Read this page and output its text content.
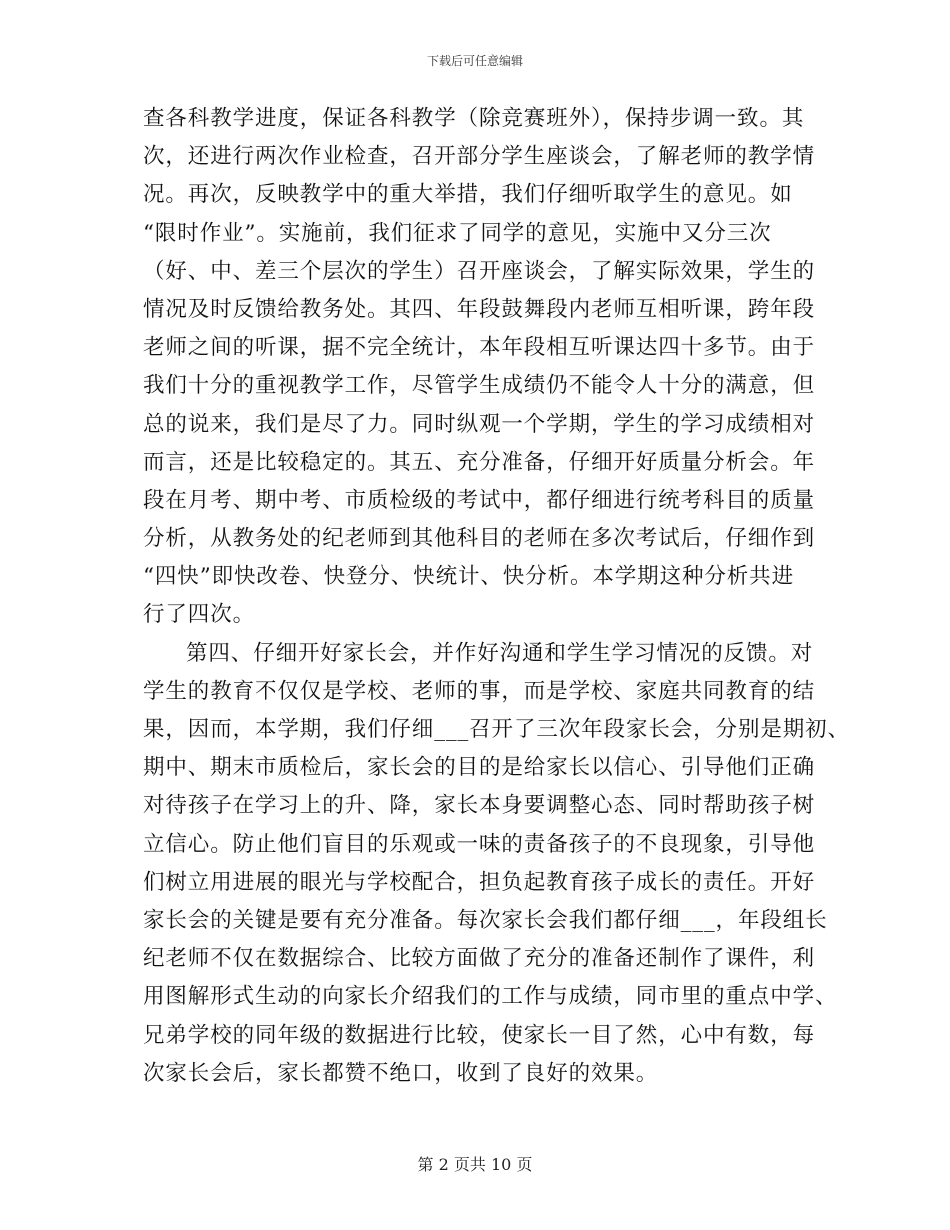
下载后可任意编辑
查各科教学进度，保证各科教学（除竞赛班外），保持步调一致。其
次，还进行两次作业检查，召开部分学生座谈会，了解老师的教学情
况。再次，反映教学中的重大举措，我们仔细听取学生的意见。如
“限时作业”。实施前，我们征求了同学的意见，实施中又分三次
（好、中、差三个层次的学生）召开座谈会，了解实际效果，学生的
情况及时反馈给教务处。其四、年段鼓舞段内老师互相听课，跨年段
老师之间的听课，据不完全统计，本年段相互听课达四十多节。由于
我们十分的重视教学工作，尽管学生成绩仍不能令人十分的满意，但
总的说来，我们是尽了力。同时纵观一个学期，学生的学习成绩相对
而言，还是比较稳定的。其五、充分准备，仔细开好质量分析会。年
段在月考、期中考、市质检级的考试中，都仔细进行统考科目的质量
分析，从教务处的纪老师到其他科目的老师在多次考试后，仔细作到
“四快”即快改卷、快登分、快统计、快分析。本学期这种分析共进
行了四次。
第四、仔细开好家长会，并作好沟通和学生学习情况的反馈。对
学生的教育不仅仅是学校、老师的事，而是学校、家庭共同教育的结
果，因而，本学期，我们仔细___召开了三次年段家长会，分别是期初、
期中、期末市质检后，家长会的目的是给家长以信心、引导他们正确
对待孩子在学习上的升、降，家长本身要调整心态、同时帮助孩子树
立信心。防止他们盲目的乐观或一味的责备孩子的不良现象，引导他
们树立用进展的眼光与学校配合，担负起教育孩子成长的责任。开好
家长会的关键是要有充分准备。每次家长会我们都仔细___，年段组长
纪老师不仅在数据综合、比较方面做了充分的准备还制作了课件，利
用图解形式生动的向家长介绍我们的工作与成绩，同市里的重点中学、
兄弟学校的同年级的数据进行比较，使家长一目了然，心中有数，每
次家长会后，家长都赞不绝口，收到了良好的效果。
第 2 页共 10 页
